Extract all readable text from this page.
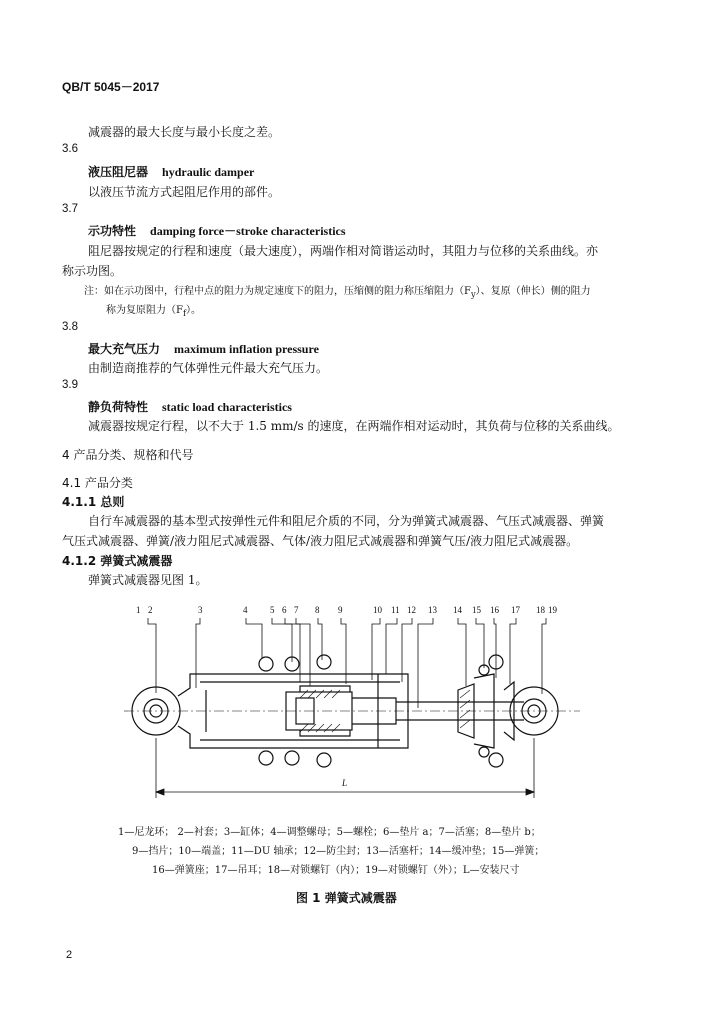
QB/T 5045－2017
减震器的最大长度与最小长度之差。
3.6
液压阻尼器 hydraulic damper
以液压节流方式起阻尼作用的部件。
3.7
示功特性 damping force－stroke characteristics
阻尼器按规定的行程和速度（最大速度），两端作相对简谐运动时，其阻力与位移的关系曲线。亦
称示功图。
注：如在示功图中，行程中点的阻力为规定速度下的阻力，压缩侧的阻力称压缩阻力$(F_y)$、复原（伸长）侧的阻力
称为复原阻力$(F_f)$。
3.8
最大充气压力 maximum inflation pressure
由制造商推荐的气体弹性元件最大充气压力。
3.9
静负荷特性 static load characteristics
减震器按规定行程，以不大于 1.5 mm/s 的速度，在两端作相对运动时，其负荷与位移的关系曲线。
4 产品分类、规格和代号
4.1 产品分类
4.1.1 总则
自行车减震器的基本型式按弹性元件和阻尼介质的不同，分为弹簧式减震器、气压式减震器、弹簧
气压式减震器、弹簧/液力阻尼式减震器、气体/液力阻尼式减震器和弹簧气压/液力阻尼式减震器。
4.1.2 弹簧式减震器
弹簧式减震器见图 1。
1 2	3	4	5 6 7 8 9	10 11 12 13 14 15 16 17 18 19
L
1—尼龙环； 2—衬套；3—缸体；4—调整螺母；5—螺栓；6—垫片 a；7—活塞；8—垫片 b；
9—挡片；10—端盖；11—DU 轴承；12—防尘封；13—活塞杆；14—缓冲垫；15—弹簧；
16—弹簧座；17—吊耳；18—对锁螺钉（内）；19—对锁螺钉（外）；L—安装尺寸
图 1 弹簧式减震器
2
